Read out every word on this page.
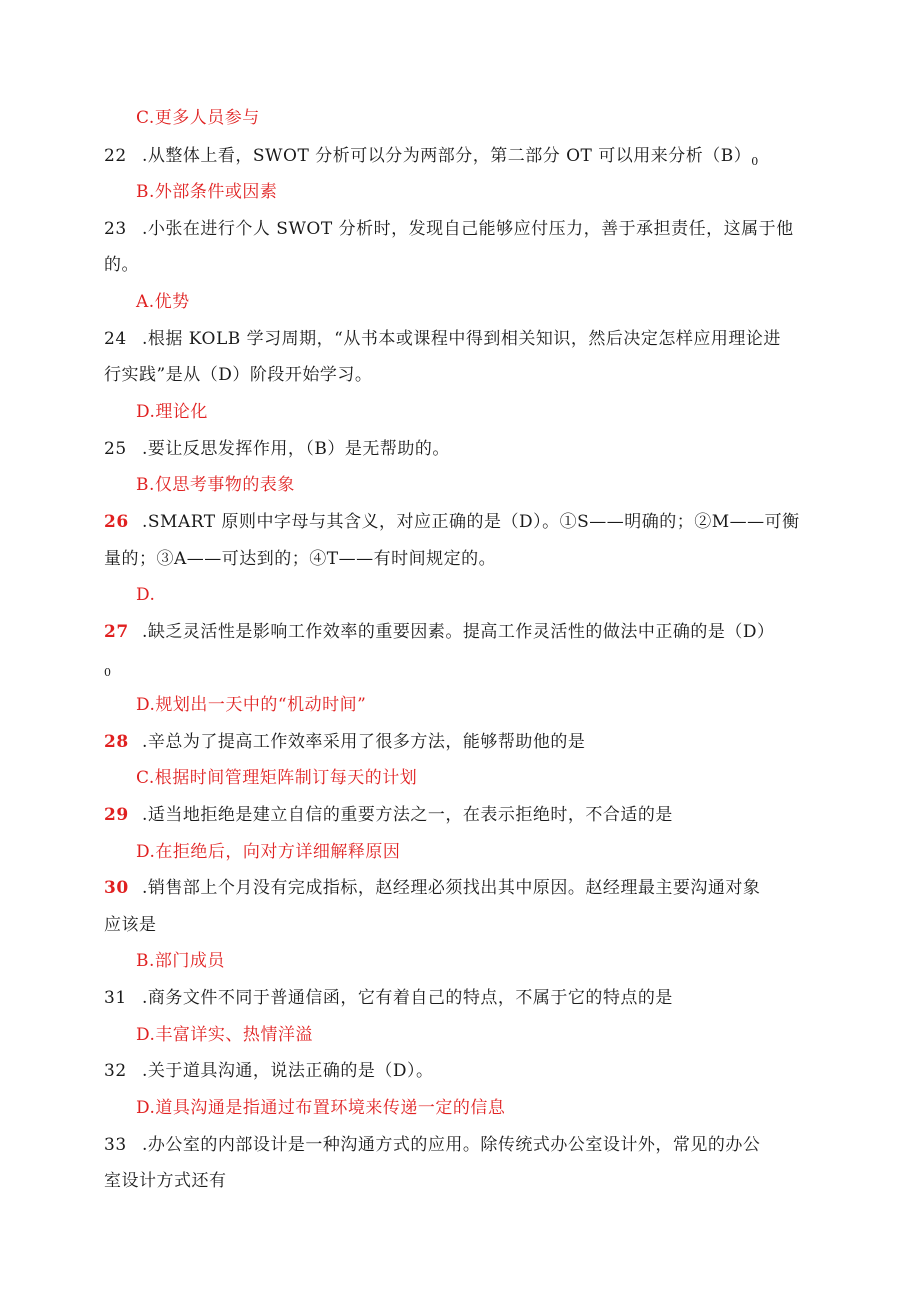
C.更多人员参与
22 .从整体上看，SWOT 分析可以分为两部分，第二部分 OT 可以用来分析$(B)_0$
B.外部条件或因素
23 .小张在进行个人 SWOT 分析时，发现自己能够应付压力，善于承担责任，这属于他
的。
A.优势
24 .根据 KOLB 学习周期，“从书本或课程中得到相关知识，然后决定怎样应用理论进
行实践”是从（D）阶段开始学习。
D.理论化
25 .要让反思发挥作用，（B）是无帮助的。
B.仅思考事物的表象
26 .SMART 原则中字母与其含义，对应正确的是（D）。①S——明确的；②M——可衡
量的；③A——可达到的；④T——有时间规定的。
D.
27 .缺乏灵活性是影响工作效率的重要因素。提高工作灵活性的做法中正确的是（D）
0
D.规划出一天中的“机动时间”
28 .辛总为了提高工作效率采用了很多方法，能够帮助他的是
C.根据时间管理矩阵制订每天的计划
29 .适当地拒绝是建立自信的重要方法之一，在表示拒绝时，不合适的是
D.在拒绝后，向对方详细解释原因
30 .销售部上个月没有完成指标，赵经理必须找出其中原因。赵经理最主要沟通对象
应该是
B.部门成员
31 .商务文件不同于普通信函，它有着自己的特点，不属于它的特点的是
D.丰富详实、热情洋溢
32 .关于道具沟通，说法正确的是（D）。
D.道具沟通是指通过布置环境来传递一定的信息
33 .办公室的内部设计是一种沟通方式的应用。除传统式办公室设计外，常见的办公
室设计方式还有
